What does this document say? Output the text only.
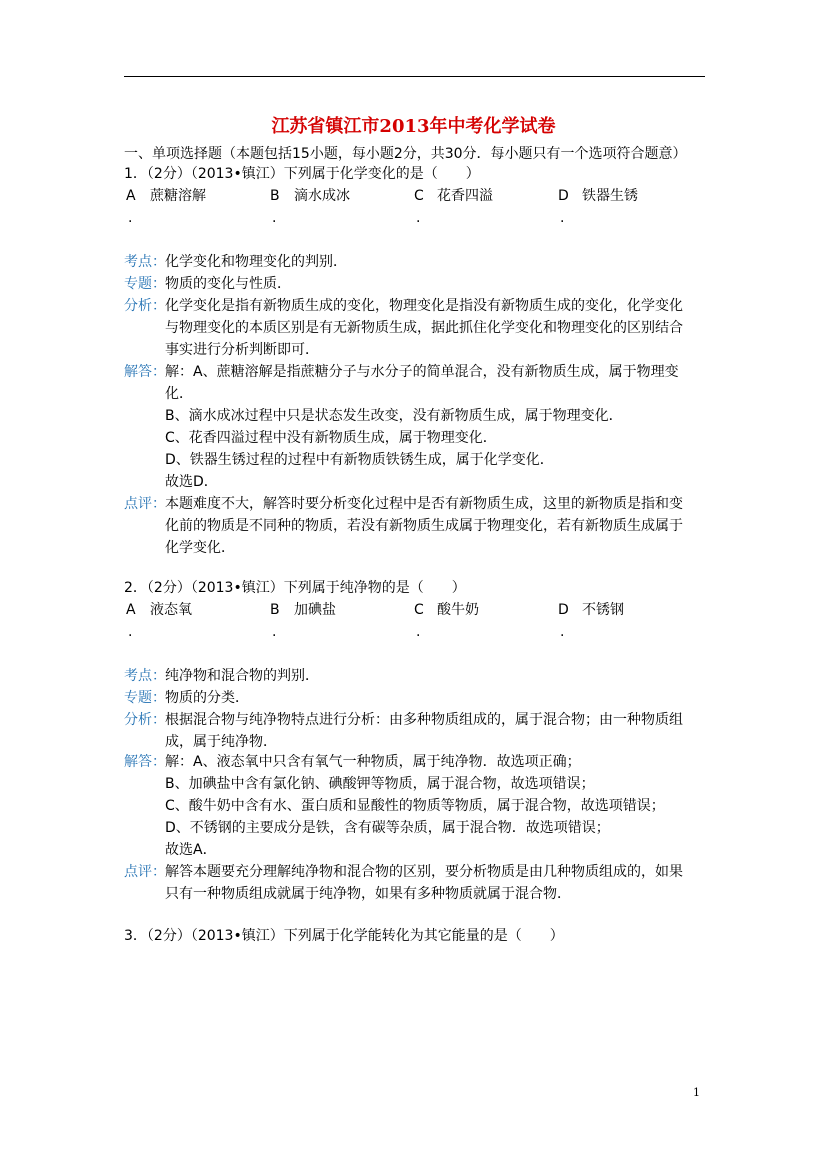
江苏省镇江市2013年中考化学试卷
一、单项选择题（本题包括15小题，每小题2分，共30分．每小题只有一个选项符合题意）
1．（2分）（2013•镇江）下列属于化学变化的是（　　）
A 蔗糖溶解	B 滴水成冰	C 花香四溢	D 铁器生锈
.	.	.	.
考点： 化学变化和物理变化的判别．
专题： 物质的变化与性质．
分析： 化学变化是指有新物质生成的变化，物理变化是指没有新物质生成的变化，化学变化
与物理变化的本质区别是有无新物质生成，据此抓住化学变化和物理变化的区别结合
事实进行分析判断即可．
解答： 解：A、蔗糖溶解是指蔗糖分子与水分子的简单混合，没有新物质生成，属于物理变
化．
B、滴水成冰过程中只是状态发生改变，没有新物质生成，属于物理变化．
C、花香四溢过程中没有新物质生成，属于物理变化．
D、铁器生锈过程的过程中有新物质铁锈生成，属于化学变化．
故选D．
点评： 本题难度不大，解答时要分析变化过程中是否有新物质生成，这里的新物质是指和变
化前的物质是不同种的物质，若没有新物质生成属于物理变化，若有新物质生成属于
化学变化．
2．（2分）（2013•镇江）下列属于纯净物的是（　　）
A 液态氧	B 加碘盐	C 酸牛奶	D 不锈钢
.	.	.	.
考点： 纯净物和混合物的判别．
专题： 物质的分类．
分析： 根据混合物与纯净物特点进行分析：由多种物质组成的，属于混合物；由一种物质组
成，属于纯净物．
解答： 解：A、液态氧中只含有氧气一种物质，属于纯净物．故选项正确；
B、加碘盐中含有氯化钠、碘酸钾等物质，属于混合物，故选项错误；
C、酸牛奶中含有水、蛋白质和显酸性的物质等物质，属于混合物，故选项错误；
D、不锈钢的主要成分是铁，含有碳等杂质，属于混合物．故选项错误；
故选A．
点评： 解答本题要充分理解纯净物和混合物的区别，要分析物质是由几种物质组成的，如果
只有一种物质组成就属于纯净物，如果有多种物质就属于混合物．
3．（2分）（2013•镇江）下列属于化学能转化为其它能量的是（　　）
1
